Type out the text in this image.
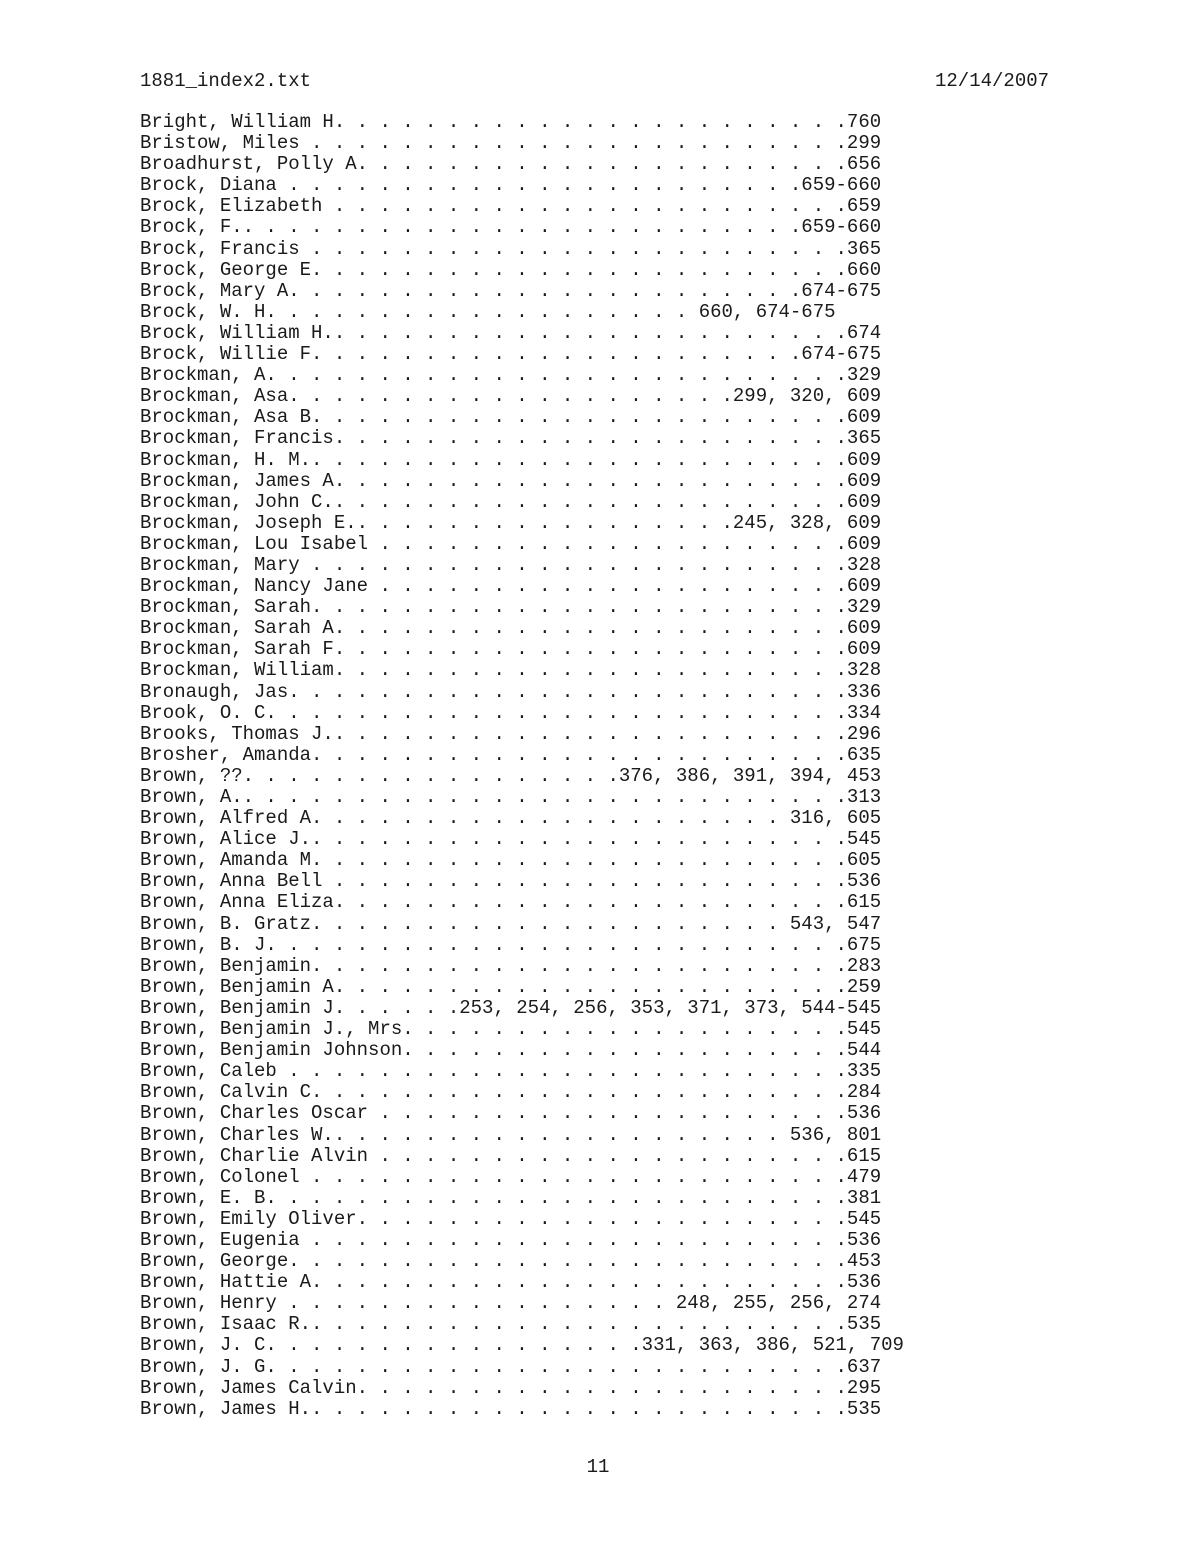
1881_index2.txt	12/14/2007
Bright, William H. . . . . . . . . . . . . . . . . . . . . . .760
Bristow, Miles . . . . . . . . . . . . . . . . . . . . . . . .299
Broadhurst, Polly A. . . . . . . . . . . . . . . . . . . . . .656
Brock, Diana . . . . . . . . . . . . . . . . . . . . . . .659-660
Brock, Elizabeth . . . . . . . . . . . . . . . . . . . . . . .659
Brock, F.. . . . . . . . . . . . . . . . . . . . . . . . .659-660
Brock, Francis . . . . . . . . . . . . . . . . . . . . . . . .365
Brock, George E. . . . . . . . . . . . . . . . . . . . . . . .660
Brock, Mary A. . . . . . . . . . . . . . . . . . . . . . .674-675
Brock, W. H. . . . . . . . . . . . . . . . . . . 660, 674-675
Brock, William H.. . . . . . . . . . . . . . . . . . . . . . .674
Brock, Willie F. . . . . . . . . . . . . . . . . . . . . .674-675
Brockman, A. . . . . . . . . . . . . . . . . . . . . . . . . .329
Brockman, Asa. . . . . . . . . . . . . . . . . . . .299, 320, 609
Brockman, Asa B. . . . . . . . . . . . . . . . . . . . . . . .609
Brockman, Francis. . . . . . . . . . . . . . . . . . . . . . .365
Brockman, H. M.. . . . . . . . . . . . . . . . . . . . . . . .609
Brockman, James A. . . . . . . . . . . . . . . . . . . . . . .609
Brockman, John C.. . . . . . . . . . . . . . . . . . . . . . .609
Brockman, Joseph E.. . . . . . . . . . . . . . . . .245, 328, 609
Brockman, Lou Isabel . . . . . . . . . . . . . . . . . . . . .609
Brockman, Mary . . . . . . . . . . . . . . . . . . . . . . . .328
Brockman, Nancy Jane . . . . . . . . . . . . . . . . . . . . .609
Brockman, Sarah. . . . . . . . . . . . . . . . . . . . . . . .329
Brockman, Sarah A. . . . . . . . . . . . . . . . . . . . . . .609
Brockman, Sarah F. . . . . . . . . . . . . . . . . . . . . . .609
Brockman, William. . . . . . . . . . . . . . . . . . . . . . .328
Bronaugh, Jas. . . . . . . . . . . . . . . . . . . . . . . . .336
Brook, O. C. . . . . . . . . . . . . . . . . . . . . . . . . .334
Brooks, Thomas J.. . . . . . . . . . . . . . . . . . . . . . .296
Brosher, Amanda. . . . . . . . . . . . . . . . . . . . . . . .635
Brown, ??. . . . . . . . . . . . . . . . .376, 386, 391, 394, 453
Brown, A.. . . . . . . . . . . . . . . . . . . . . . . . . . .313
Brown, Alfred A. . . . . . . . . . . . . . . . . . . . . 316, 605
Brown, Alice J.. . . . . . . . . . . . . . . . . . . . . . . .545
Brown, Amanda M. . . . . . . . . . . . . . . . . . . . . . . .605
Brown, Anna Bell . . . . . . . . . . . . . . . . . . . . . . .536
Brown, Anna Eliza. . . . . . . . . . . . . . . . . . . . . . .615
Brown, B. Gratz. . . . . . . . . . . . . . . . . . . . . 543, 547
Brown, B. J. . . . . . . . . . . . . . . . . . . . . . . . . .675
Brown, Benjamin. . . . . . . . . . . . . . . . . . . . . . . .283
Brown, Benjamin A. . . . . . . . . . . . . . . . . . . . . . .259
Brown, Benjamin J. . . . . .253, 254, 256, 353, 371, 373, 544-545
Brown, Benjamin J., Mrs. . . . . . . . . . . . . . . . . . . .545
Brown, Benjamin Johnson. . . . . . . . . . . . . . . . . . . .544
Brown, Caleb . . . . . . . . . . . . . . . . . . . . . . . . .335
Brown, Calvin C. . . . . . . . . . . . . . . . . . . . . . . .284
Brown, Charles Oscar . . . . . . . . . . . . . . . . . . . . .536
Brown, Charles W.. . . . . . . . . . . . . . . . . . . . 536, 801
Brown, Charlie Alvin . . . . . . . . . . . . . . . . . . . . .615
Brown, Colonel . . . . . . . . . . . . . . . . . . . . . . . .479
Brown, E. B. . . . . . . . . . . . . . . . . . . . . . . . . .381
Brown, Emily Oliver. . . . . . . . . . . . . . . . . . . . . .545
Brown, Eugenia . . . . . . . . . . . . . . . . . . . . . . . .536
Brown, George. . . . . . . . . . . . . . . . . . . . . . . . .453
Brown, Hattie A. . . . . . . . . . . . . . . . . . . . . . . .536
Brown, Henry . . . . . . . . . . . . . . . . . 248, 255, 256, 274
Brown, Isaac R.. . . . . . . . . . . . . . . . . . . . . . . .535
Brown, J. C. . . . . . . . . . . . . . . . .331, 363, 386, 521, 709
Brown, J. G. . . . . . . . . . . . . . . . . . . . . . . . . .637
Brown, James Calvin. . . . . . . . . . . . . . . . . . . . . .295
Brown, James H.. . . . . . . . . . . . . . . . . . . . . . . .535
11
